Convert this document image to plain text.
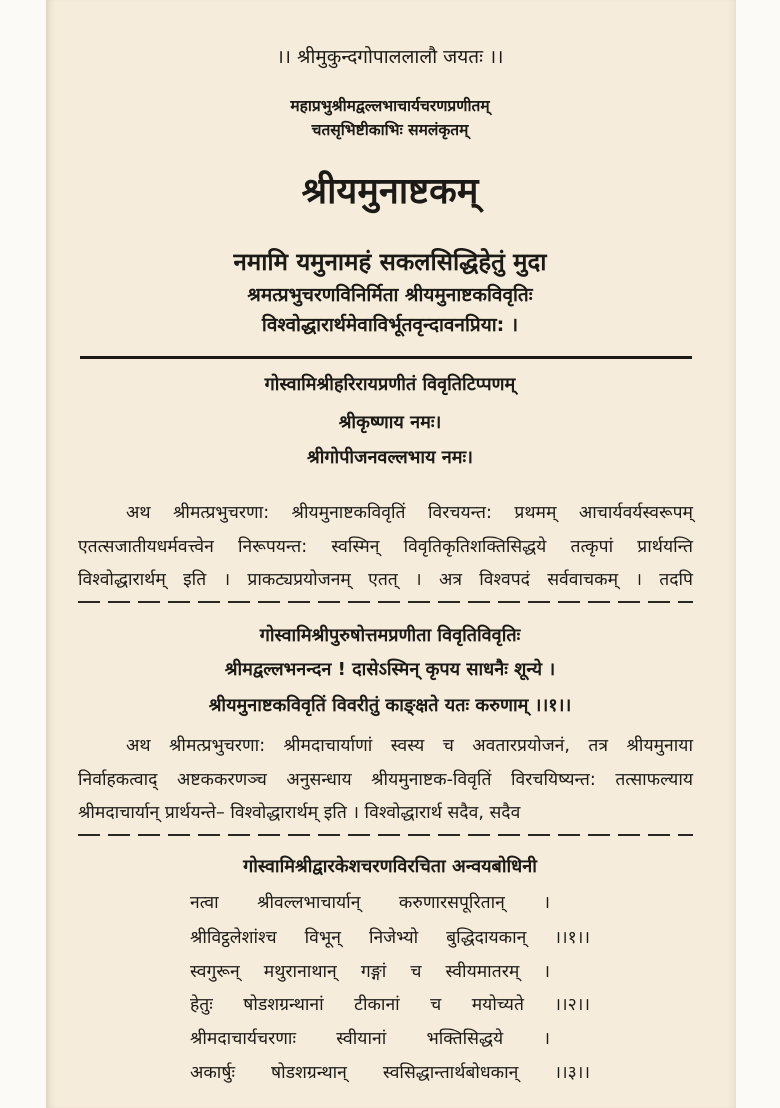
।। श्रीमुकुन्दगोपाललालौ जयतः ।।
महाप्रभुश्रीमद्वल्लभाचार्यचरणप्रणीतम्
चतसृभिष्टीकाभिः समलंकृतम्
श्रीयमुनाष्टकम्
नमामि यमुनामहं सकलसिद्धिहेतुं मुदा
श्रमत्प्रभुचरणविनिर्मिता श्रीयमुनाष्टकविवृतिः
विश्वोद्धारार्थमेवाविर्भूतवृन्दावनप्रिया: ।
गोस्वामिश्रीहरिरायप्रणीतं विवृतिटिप्पणम्
श्रीकृष्णाय नमः।
श्रीगोपीजनवल्लभाय नमः।
अथ श्रीमत्प्रभुचरणा: श्रीयमुनाष्टकविवृतिं विरचयन्त: प्रथमम् आचार्यवर्यस्वरूपम्
एतत्सजातीयधर्मवत्त्वेन निरूपयन्त: स्वस्मिन् विवृतिकृतिशक्तिसिद्धये तत्कृपां प्रार्थयन्ति
विश्वोद्धारार्थम् इति । प्राकट्यप्रयोजनम् एतत् । अत्र विश्वपदं सर्ववाचकम् । तदपि
गोस्वामिश्रीपुरुषोत्तमप्रणीता विवृतिविवृतिः
श्रीमद्वल्लभनन्दन ! दासेऽस्मिन् कृपय साधनैः शून्ये ।
श्रीयमुनाष्टकविवृतिं विवरीतुं काङ्क्षते यतः करुणाम् ।।१।।
अथ श्रीमत्प्रभुचरणा: श्रीमदाचार्याणां स्वस्य च अवतारप्रयोजनं, तत्र श्रीयमुनाया
निर्वाहकत्वाद् अष्टककरणञ्च अनुसन्धाय श्रीयमुनाष्टक-विवृतिं विरचयिष्यन्त: तत्साफल्याय
श्रीमदाचार्यान् प्रार्थयन्ते– विश्वोद्धारार्थम् इति । विश्वोद्धारार्थ सदैव, सदैव
गोस्वामिश्रीद्वारकेशचरणविरचिता अन्वयबोधिनी
नत्वा श्रीवल्लभाचार्यान् करुणारसपूरितान् ।
श्रीविट्ठलेशांश्च विभून् निजेभ्यो बुद्धिदायकान् ।।१।।
स्वगुरून् मथुरानाथान् गङ्गां च स्वीयमातरम् ।
हेतुः षोडशग्रन्थानां टीकानां च मयोच्यते ।।२।।
श्रीमदाचार्यचरणाः स्वीयानां भक्तिसिद्धये ।
अकार्षुः षोडशग्रन्थान् स्वसिद्धान्तार्थबोधकान् ।।३।।
